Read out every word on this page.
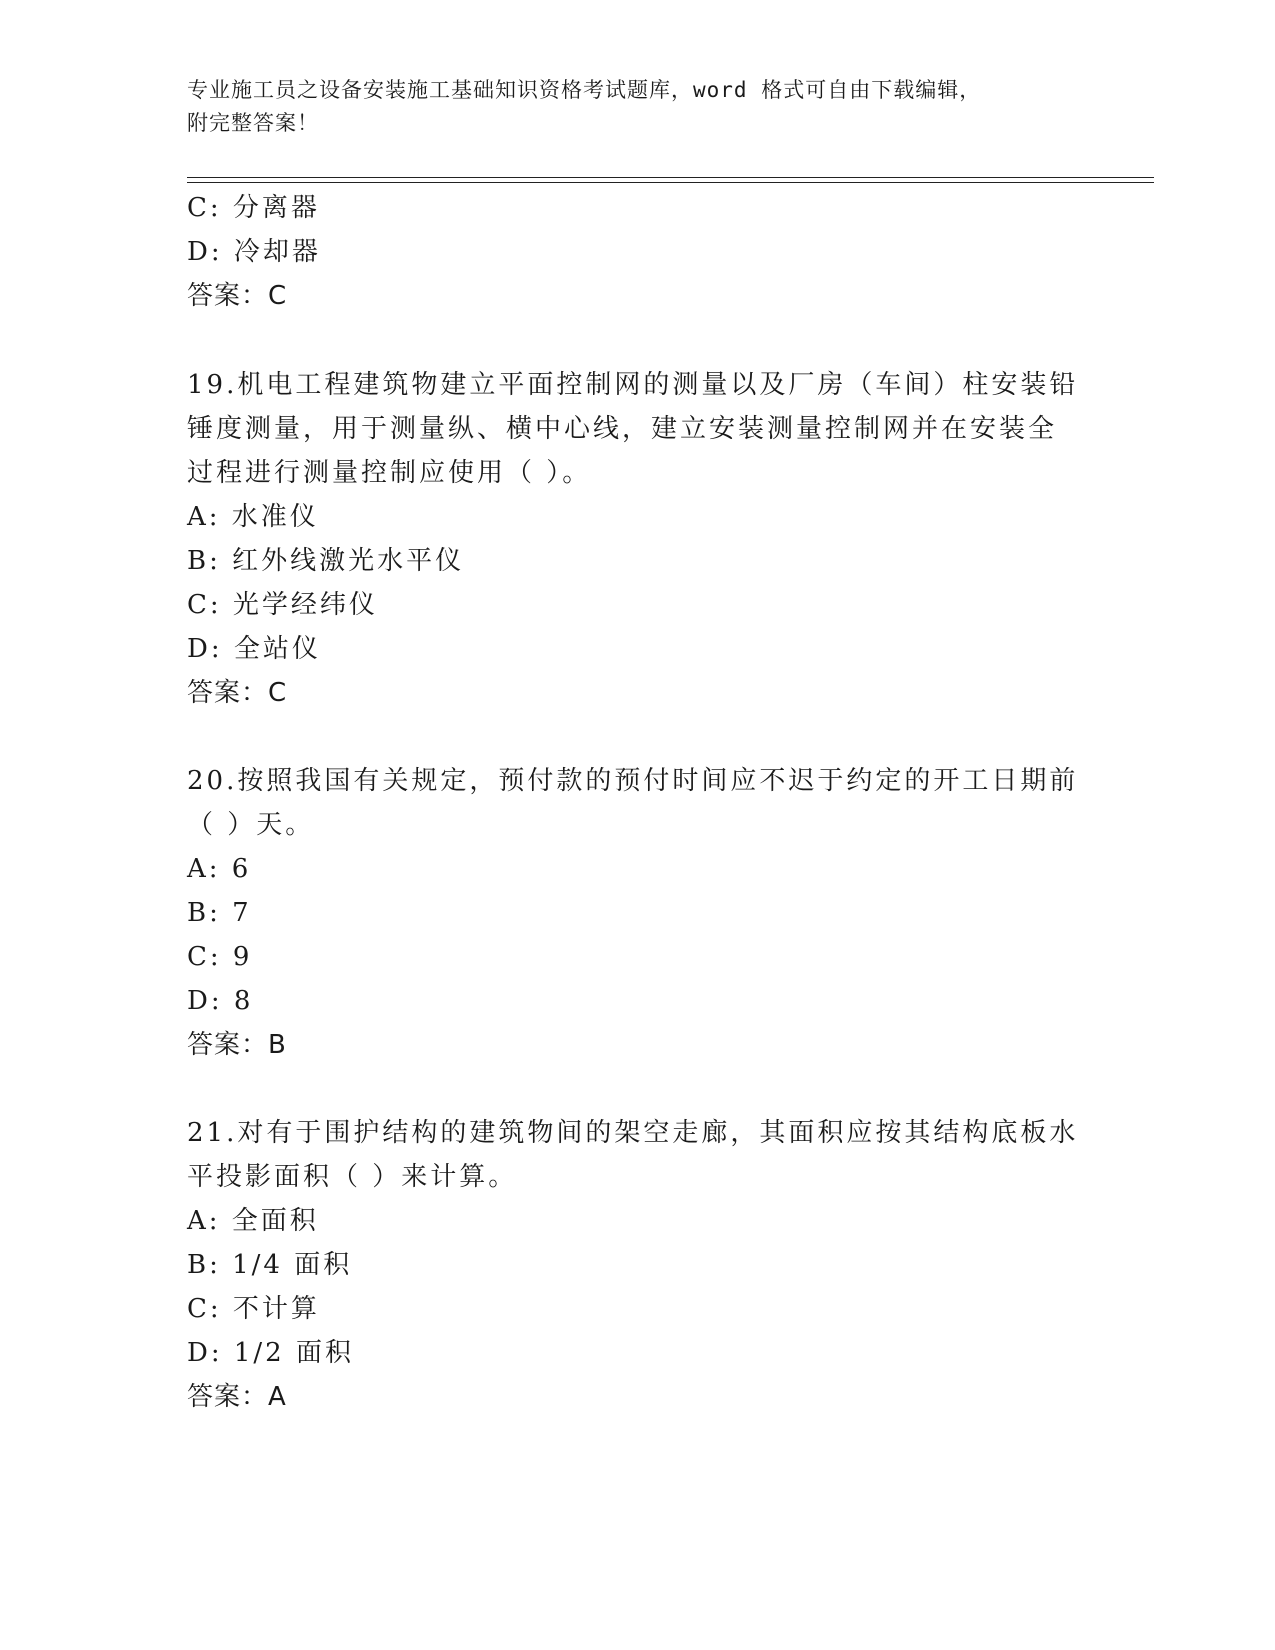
专业施工员之设备安装施工基础知识资格考试题库，word 格式可自由下载编辑，
附完整答案！
C: 分离器
D: 冷却器
答案：C
19.机电工程建筑物建立平面控制网的测量以及厂房（车间）柱安装铅
锤度测量，用于测量纵、横中心线，建立安装测量控制网并在安装全
过程进行测量控制应使用（ ）。
A: 水准仪
B: 红外线激光水平仪
C: 光学经纬仪
D: 全站仪
答案：C
20.按照我国有关规定，预付款的预付时间应不迟于约定的开工日期前
（ ）天。
A: 6
B: 7
C: 9
D: 8
答案：B
21.对有于围护结构的建筑物间的架空走廊，其面积应按其结构底板水
平投影面积（ ）来计算。
A: 全面积
B: 1/4 面积
C: 不计算
D: 1/2 面积
答案：A
